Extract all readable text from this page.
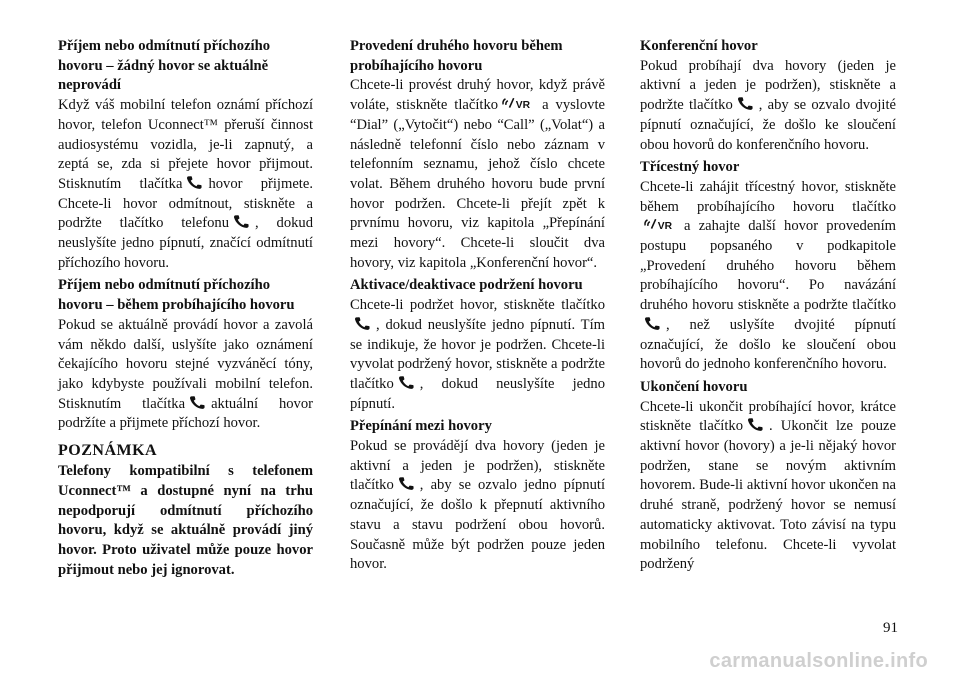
Příjem nebo odmítnutí příchozího hovoru – žádný hovor se aktuálně neprovádí

Když váš mobilní telefon oznámí příchozí hovor, telefon Uconnect™ přeruší činnost audiosystému vozidla, je-li zapnutý, a zeptá se, zda si přejete hovor přijmout. Stisknutím tlačítka hovor přijmete. Chcete-li hovor odmítnout, stiskněte a podržte tlačítko telefonu , dokud neuslyšíte jedno pípnutí, značící odmítnutí příchozího hovoru.

Příjem nebo odmítnutí příchozího hovoru – během probíhajícího hovoru

Pokud se aktuálně provádí hovor a zavolá vám někdo další, uslyšíte jako oznámení čekajícího hovoru stejné vyzváněcí tóny, jako kdybyste používali mobilní telefon. Stisknutím tlačítka aktuální hovor podržíte a přijmete příchozí hovor.

POZNÁMKA

Telefony kompatibilní s telefonem Uconnect™ a dostupné nyní na trhu nepodporují odmítnutí příchozího hovoru, když se aktuálně provádí jiný hovor. Proto uživatel může pouze hovor přijmout nebo jej ignorovat.

Provedení druhého hovoru během probíhajícího hovoru

Chcete-li provést druhý hovor, když právě voláte, stiskněte tlačítko	a vyslovte “Dial” („Vytočit“) nebo “Call” („Volat“) a následně telefonní číslo nebo záznam v telefonním seznamu, jehož číslo chcete volat. Během druhého hovoru bude první hovor podržen. Chcete-li přejít zpět k prvnímu hovoru, viz kapitola „Přepínání mezi hovory“. Chcete-li sloučit dva hovory, viz kapitola „Konferenční hovor“.

Aktivace/deaktivace podržení hovoru

Chcete-li podržet hovor, stiskněte tlačítko
, dokud neuslyšíte jedno pípnutí. Tím se indikuje, že hovor je podržen. Chcete-li vyvolat podržený hovor, stiskněte a podržte tlačítko , dokud neuslyšíte jedno pípnutí.

Přepínání mezi hovory

Pokud se provádějí dva hovory (jeden je aktivní a jeden je podržen), stiskněte tlačítko , aby se ozvalo jedno pípnutí označující, že došlo k přepnutí aktivního stavu a stavu podržení obou hovorů. Současně může být podržen pouze jeden hovor.

Konferenční hovor

Pokud probíhají dva hovory (jeden je aktivní a jeden je podržen), stiskněte a podržte tlačítko , aby se ozvalo dvojité pípnutí označující, že došlo ke sloučení obou hovorů do konferenčního hovoru.

Třícestný hovor

Chcete-li zahájit třícestný hovor, stiskněte během probíhajícího hovoru tlačítko
a zahajte další hovor provedením postupu popsaného v podkapitole „Provedení druhého hovoru během probíhajícího hovoru“. Po navázání druhého hovoru stiskněte a podržte tlačítko
, než uslyšíte dvojité pípnutí označující, že došlo ke sloučení obou hovorů do jednoho konferenčního hovoru.

Ukončení hovoru

Chcete-li ukončit probíhající hovor, krátce stiskněte tlačítko . Ukončit lze pouze aktivní hovor (hovory) a je-li nějaký hovor podržen, stane se novým aktivním hovorem. Bude-li aktivní hovor ukončen na druhé straně, podržený hovor se nemusí automaticky aktivovat. Toto závisí na typu mobilního telefonu. Chcete-li vyvolat podržený

91
carmanualsonline.info
